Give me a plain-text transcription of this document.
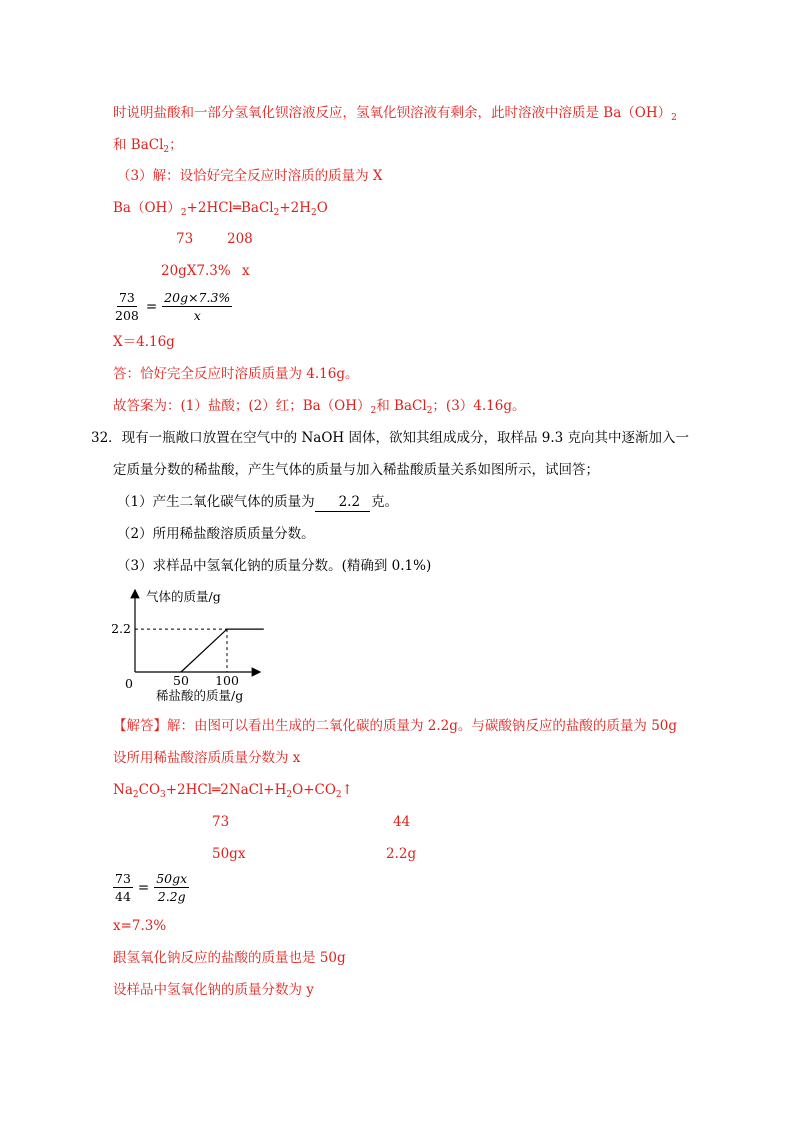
时说明盐酸和一部分氢氧化钡溶液反应，氢氧化钡溶液有剩余，此时溶液中溶质是 $Ba(OH)_2$
和 BaCl$_2$；
（3）解：设恰好完全反应时溶质的质量为 X
$Ba(OH)_2+2HCl═BaCl_2+2H_2O$
73	208
20gX7.3% x
$\frac{73}{208} = \frac{20g\times 7.3\%}{x}$
X＝4.16g
答：恰好完全反应时溶质质量为 4.16g。
故答案为：(1）盐酸；(2）红；$Ba(OH)_2$和 BaCl$_2$；(3）4.16g。
32．现有一瓶敞口放置在空气中的 NaOH 固体，欲知其组成成分，取样品 9.3 克向其中逐渐加入一
定质量分数的稀盐酸，产生气体的质量与加入稀盐酸质量关系如图所示，试回答；
（1）产生二氧化碳气体的质量为 2.2 克。
（2）所用稀盐酸溶质质量分数。
（3）求样品中氢氧化钠的质量分数。(精确到 0.1%)
气体的质量/g
稀盐酸的质量/g
0	50 100
2.2
【解答】解：由图可以看出生成的二氧化碳的质量为 2.2g。与碳酸钠反应的盐酸的质量为 50g
设所用稀盐酸溶质质量分数为 x
$Na_2CO_3+2HCl═2NaCl+H_2O+CO_2↑$
73	44
50gx	2.2g
$\frac{73}{44} = \frac{50gx}{2.2g}$
x=7.3%
跟氢氧化钠反应的盐酸的质量也是 50g
设样品中氢氧化钠的质量分数为 y
